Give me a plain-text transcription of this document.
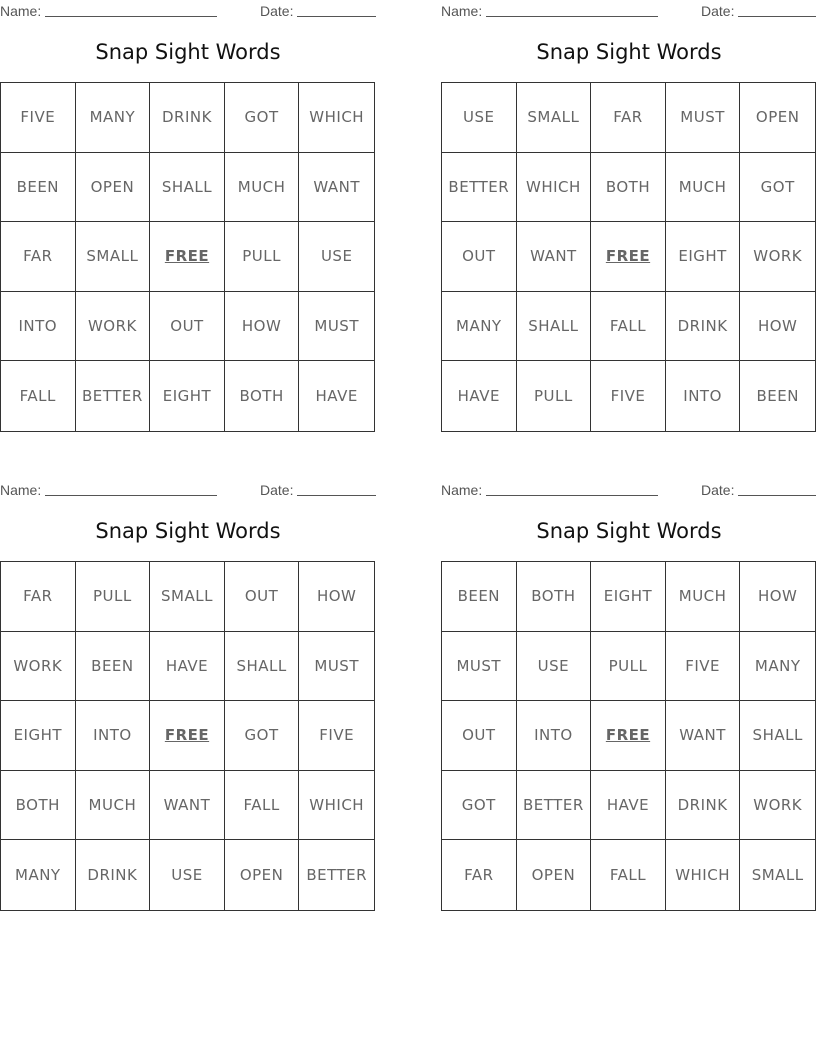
Name:	Date:
Snap Sight Words
FIVE	MANY	DRINK	GOT	WHICH
BEEN	OPEN	SHALL	MUCH	WANT
FAR	SMALL	FREE	PULL	USE
INTO	WORK	OUT	HOW	MUST
FALL	BETTER	EIGHT	BOTH	HAVE
Name:	Date:
Snap Sight Words
USE	SMALL	FAR	MUST	OPEN
BETTER	WHICH	BOTH	MUCH	GOT
OUT	WANT	FREE	EIGHT	WORK
MANY	SHALL	FALL	DRINK	HOW
HAVE	PULL	FIVE	INTO	BEEN
Name:	Date:
Snap Sight Words
FAR	PULL	SMALL	OUT	HOW
WORK	BEEN	HAVE	SHALL	MUST
EIGHT	INTO	FREE	GOT	FIVE
BOTH	MUCH	WANT	FALL	WHICH
MANY	DRINK	USE	OPEN	BETTER
Name:	Date:
Snap Sight Words
BEEN	BOTH	EIGHT	MUCH	HOW
MUST	USE	PULL	FIVE	MANY
OUT	INTO	FREE	WANT	SHALL
GOT	BETTER	HAVE	DRINK	WORK
FAR	OPEN	FALL	WHICH	SMALL
